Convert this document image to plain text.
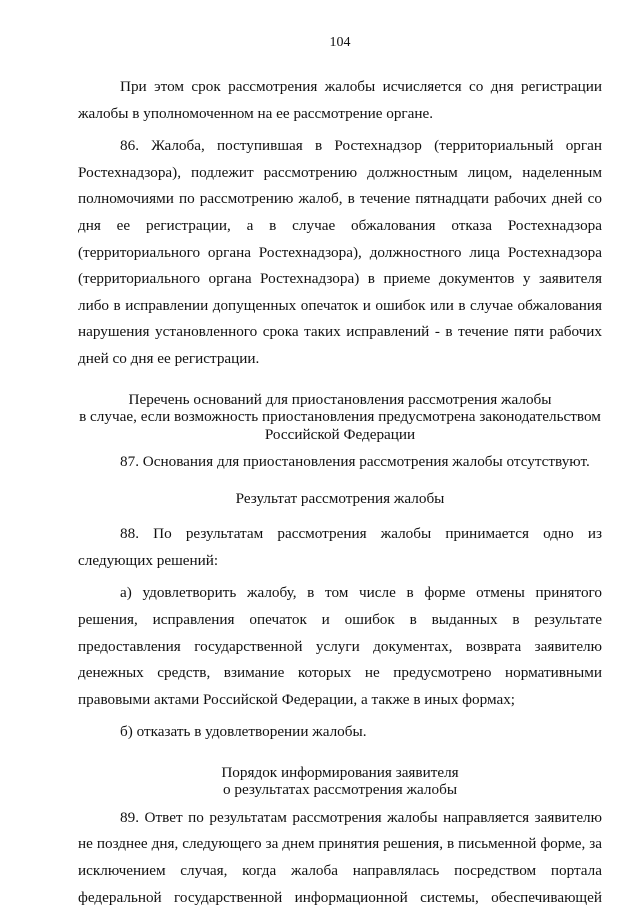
104

При этом срок рассмотрения жалобы исчисляется со дня регистрации жалобы в уполномоченном на ее рассмотрение органе.

86. Жалоба, поступившая в Ростехнадзор (территориальный орган Ростехнадзора), подлежит рассмотрению должностным лицом, наделенным полномочиями по рассмотрению жалоб, в течение пятнадцати рабочих дней со дня ее регистрации, а в случае обжалования отказа Ростехнадзора (территориального органа Ростехнадзора), должностного лица Ростехнадзора (территориального органа Ростехнадзора) в приеме документов у заявителя либо в исправлении допущенных опечаток и ошибок или в случае обжалования нарушения установленного срока таких исправлений - в течение пяти рабочих дней со дня ее регистрации.

Перечень оснований для приостановления рассмотрения жалобы
в случае, если возможность приостановления предусмотрена законодательством
Российской Федерации

87. Основания для приостановления рассмотрения жалобы отсутствуют.

Результат рассмотрения жалобы

88. По результатам рассмотрения жалобы принимается одно из следующих решений:

а) удовлетворить жалобу, в том числе в форме отмены принятого решения, исправления опечаток и ошибок в выданных в результате предоставления государственной услуги документах, возврата заявителю денежных средств, взимание которых не предусмотрено нормативными правовыми актами Российской Федерации, а также в иных формах;

б) отказать в удовлетворении жалобы.

Порядок информирования заявителя
о результатах рассмотрения жалобы

89. Ответ по результатам рассмотрения жалобы направляется заявителю не позднее дня, следующего за днем принятия решения, в письменной форме, за исключением случая, когда жалоба направлялась посредством портала федеральной государственной информационной системы, обеспечивающей
